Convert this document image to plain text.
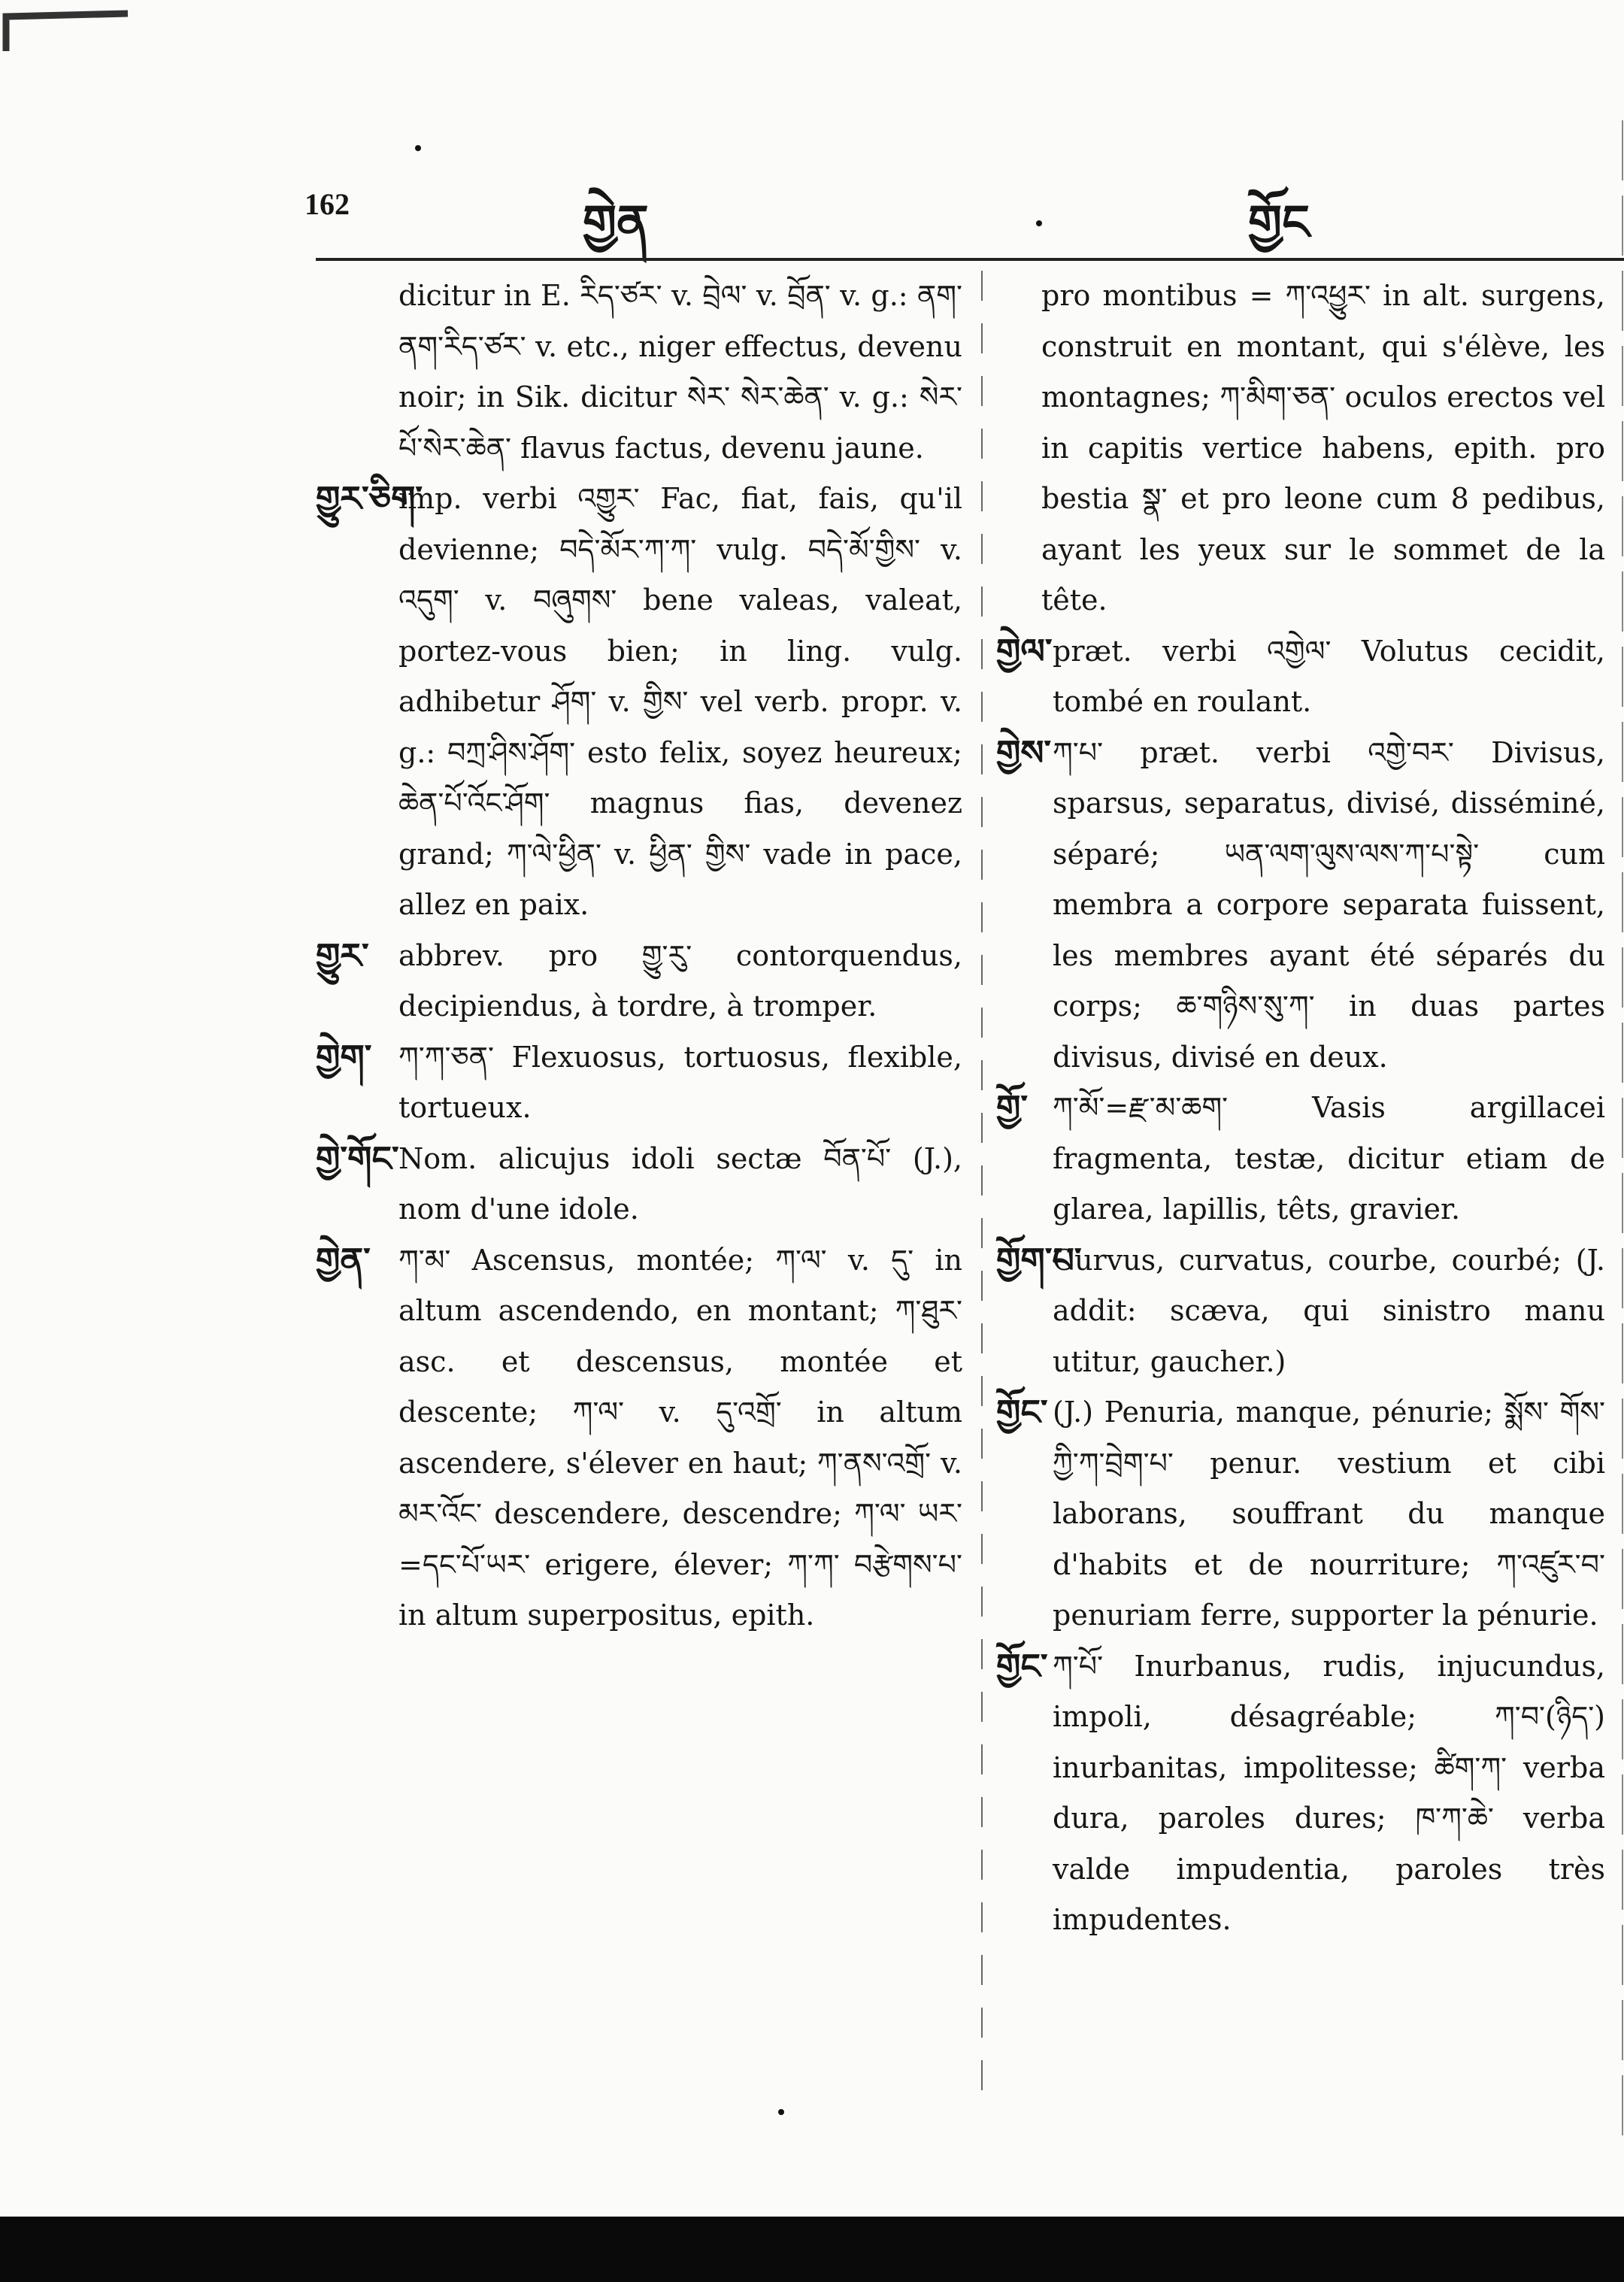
162	གྱེན	གྱོང

dicitur in E. རིད་ཙར་ v. བྲེལ་ v. བྲོན་ v. g.: ནག་ནག་རིད་ཙར་ v. etc., niger effectus, devenu noir; in Sik. dicitur སེར་ སེར་ཆེན་ v. g.: སེར་པོ་སེར་ཆེན་ flavus factus, devenu jaune.

གྱུར་ཅིག་
imp. verbi འགྱུར་ Fac, fiat, fais, qu'il devienne; བདེ་མོར་ཀ་ཀ་ vulg. བདེ་མོ་གྱིས་ v. འདུག་ v. བཞུགས་ bene valeas, valeat, portez-vous bien; in ling. vulg. adhibetur ཤོག་ v. གྱིས་ vel verb. propr. v. g.: བཀྲ་ཤིས་ཤོག་ esto felix, soyez heureux; ཆེན་པོ་འོང་ཤོག་ magnus fias, devenez grand; ཀ་ལེ་ཕྱིན་ v. ཕྱིན་ གྱིས་ vade in pace, allez en paix.

གྱུར་ abbrev. pro གྱུ་རུ་ contorquendus, decipiendus, à tordre, à tromper.

གྱེག་ ཀ་ཀ་ཅན་ Flexuosus, tortuosus, flexible, tortueux.

གྱེ་གོང་ Nom. alicujus idoli sectæ བོན་པོ་ (J.), nom d'une idole.

གྱེན་ ཀ་མ་ Ascensus, montée; ཀ་ལ་ v. དུ་ in altum ascendendo, en montant; ཀ་ཐུར་ asc. et descensus, montée et descente; ཀ་ལ་ v. དུ་འགྲོ་ in altum ascendere, s'élever en haut; ཀ་ནས་འགྲོ་ v. མར་འོང་ descendere, descendre; ཀ་ལ་ ཡར་=དང་པོ་ཡར་ erigere, élever; ཀ་ཀ་ བརྩེགས་པ་ in altum superpositus, epith.

pro montibus = ཀ་འཕྱུར་ in alt. surgens, construit en montant, qui s'élève, les montagnes; ཀ་མིག་ཅན་ oculos erectos vel in capitis vertice habens, epith. pro bestia སྣ་ et pro leone cum 8 pedibus, ayant les yeux sur le sommet de la tête.

གྱེལ་ præt. verbi འགྱེལ་ Volutus cecidit, tombé en roulant.

གྱེས་ ཀ་པ་ præt. verbi འགྱེ་བར་ Divisus, sparsus, separatus, divisé, disséminé, séparé; ཡན་ལག་ལུས་ལས་ཀ་པ་སྟེ་ cum membra a corpore separata fuissent, les membres ayant été séparés du corps; ཆ་གཉིས་སུ་ཀ་ in duas partes divisus, divisé en deux.

གྱོ་ ཀ་མོ་=རྫ་མ་ཆག་ Vasis argillacei fragmenta, testæ, dicitur etiam de glarea, lapillis, têts, gravier.

གྱོག་པ་
Curvus, curvatus, courbe, courbé; (J. addit: scæva, qui sinistro manu utitur, gaucher.)

གྱོང་ (J.) Penuria, manque, pénurie; སྨོས་ གོས་ཀྱི་ཀ་བྲེག་པ་ penur. vestium et cibi laborans, souffrant du manque d'habits et de nourriture; ཀ་འཛུར་བ་ penuriam ferre, supporter la pénurie.

གྱོང་ ཀ་པོ་ Inurbanus, rudis, injucundus, impoli, désagréable; ཀ་བ་(ཉིད་) inurbanitas, impolitesse; ཚིག་ཀ་ verba dura, paroles dures; ཁ་ཀ་ཆེ་ verba valde impudentia, paroles très impudentes.
